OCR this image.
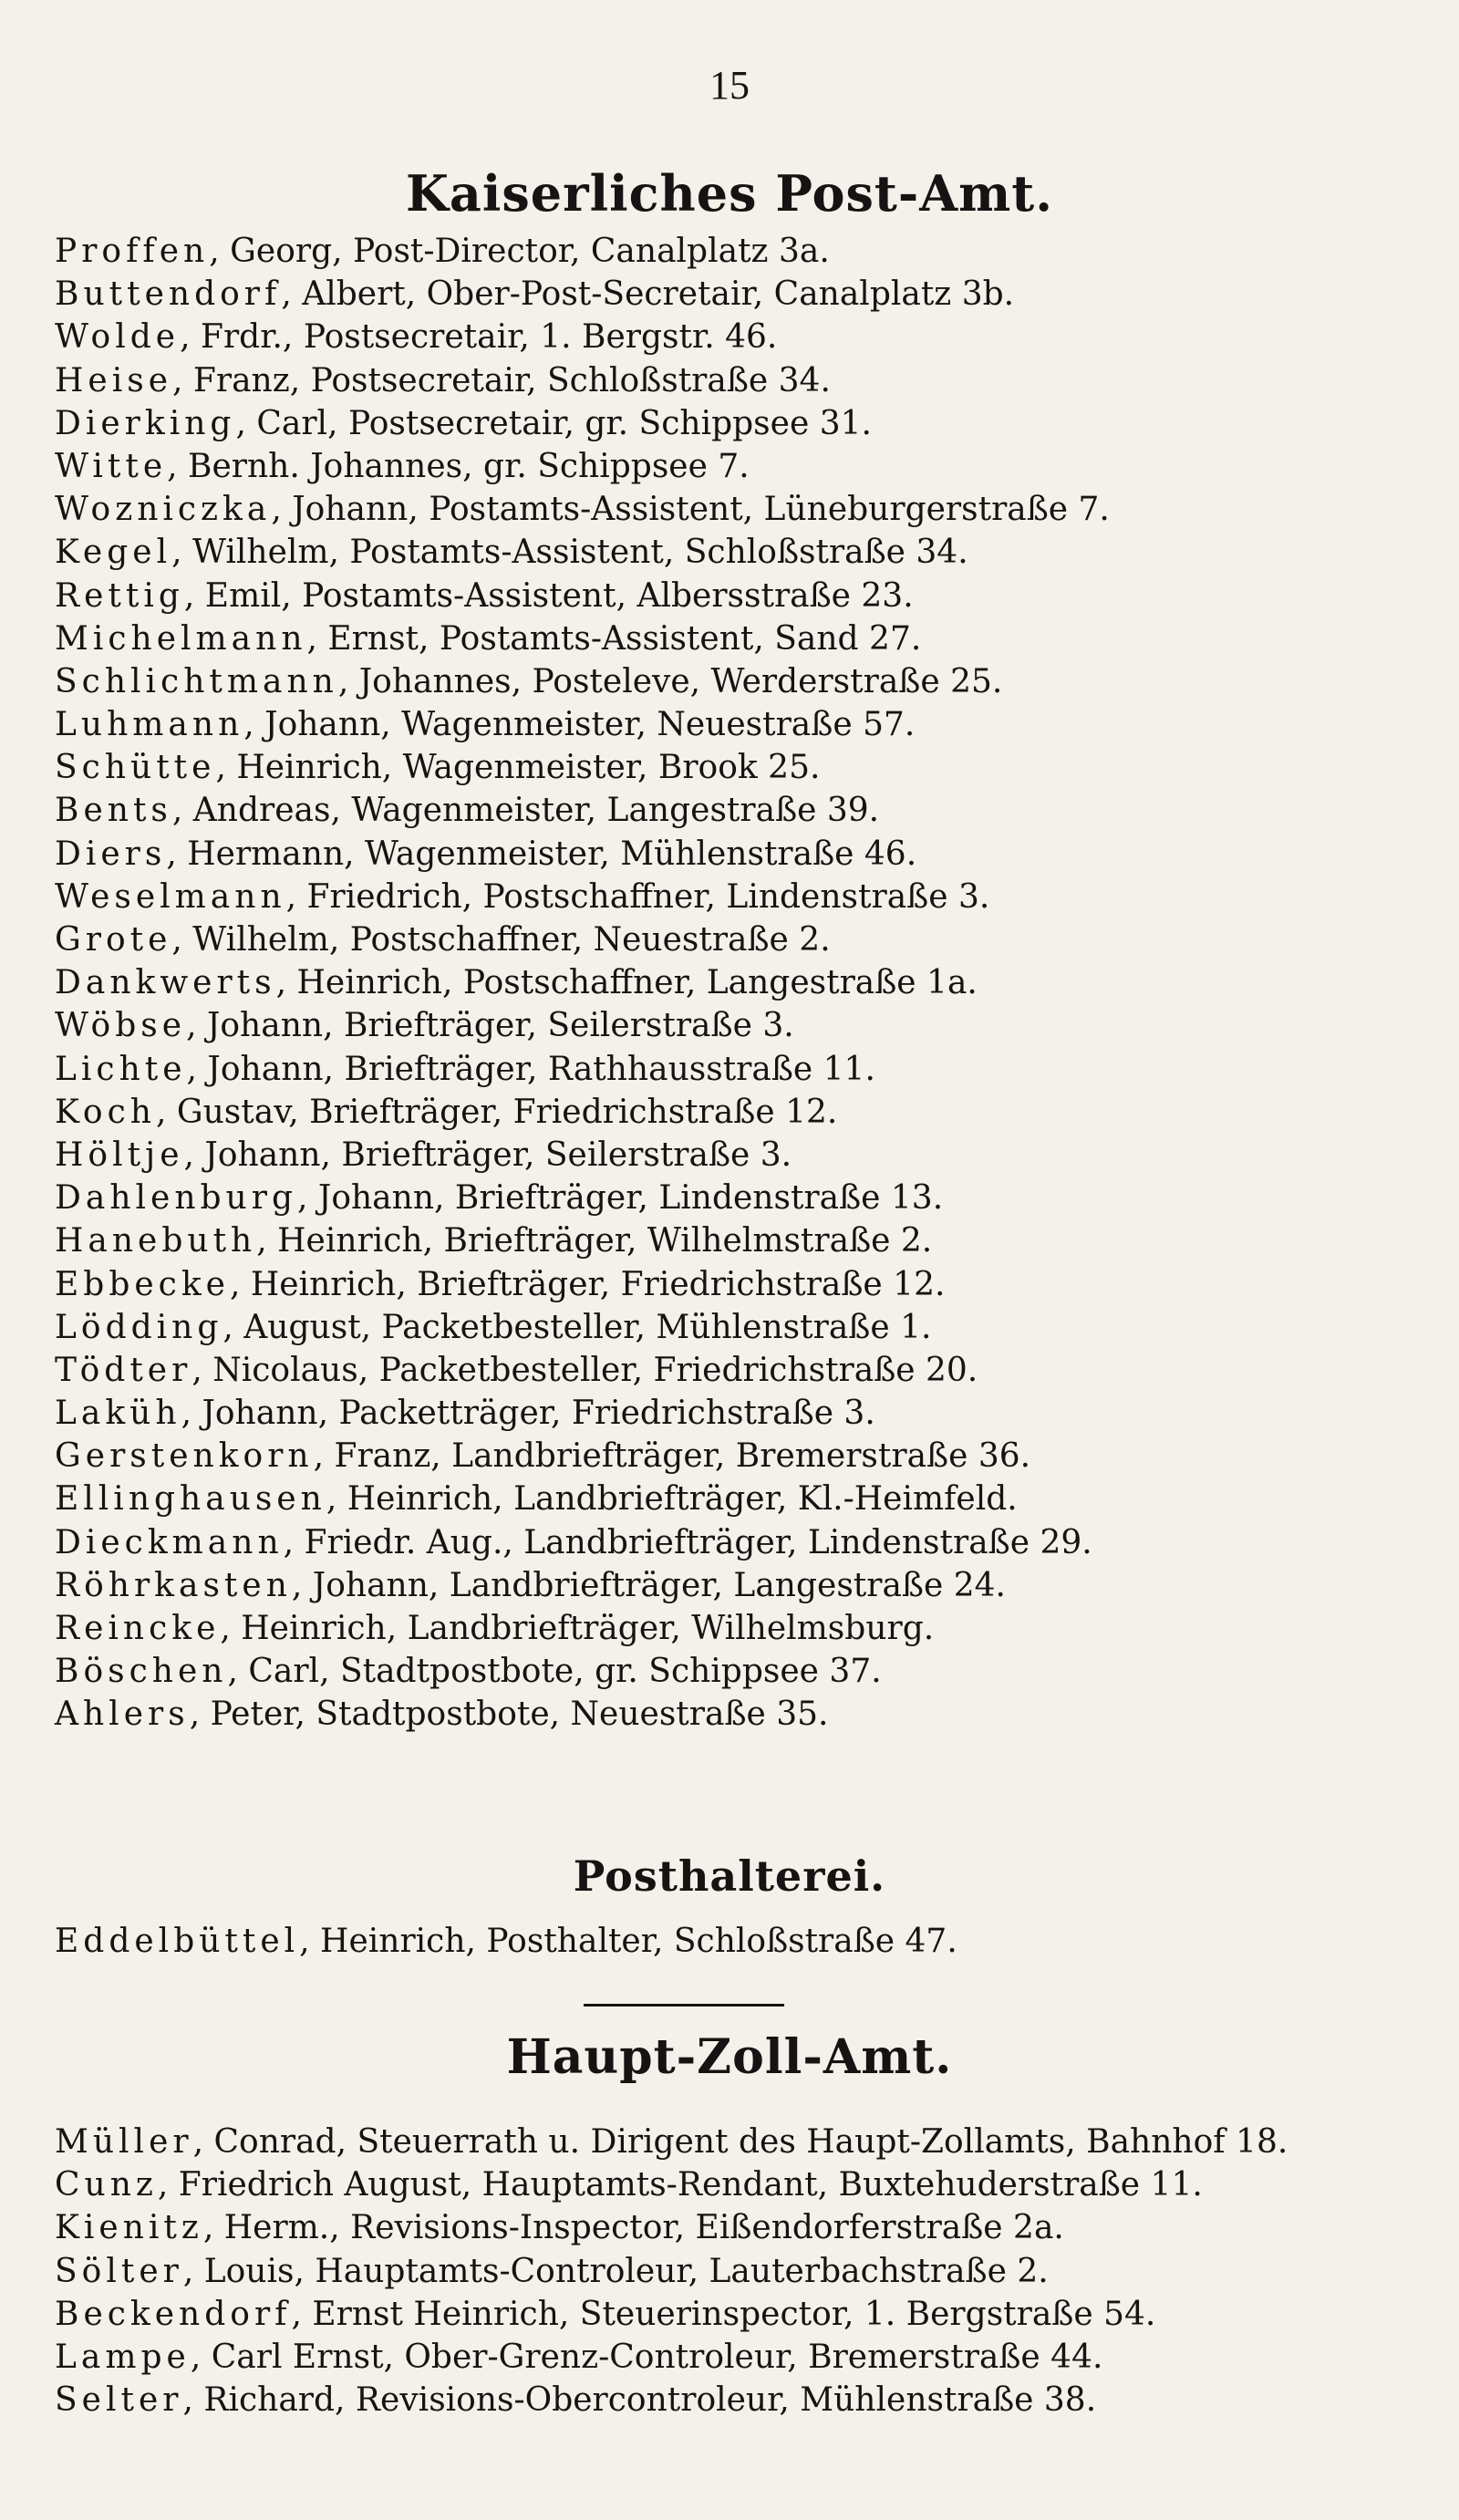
15
Kaiserliches Post-Amt.
Proffen, Georg, Post-Director, Canalplatz 3a.
Buttendorf, Albert, Ober-Post-Secretair, Canalplatz 3b.
Wolde, Frdr., Postsecretair, 1. Bergstr. 46.
Heise, Franz, Postsecretair, Schloßstraße 34.
Dierking, Carl, Postsecretair, gr. Schippsee 31.
Witte, Bernh. Johannes, gr. Schippsee 7.
Wozniczka, Johann, Postamts-Assistent, Lüneburgerstraße 7.
Kegel, Wilhelm, Postamts-Assistent, Schloßstraße 34.
Rettig, Emil, Postamts-Assistent, Albersstraße 23.
Michelmann, Ernst, Postamts-Assistent, Sand 27.
Schlichtmann, Johannes, Posteleve, Werderstraße 25.
Luhmann, Johann, Wagenmeister, Neuestraße 57.
Schütte, Heinrich, Wagenmeister, Brook 25.
Bents, Andreas, Wagenmeister, Langestraße 39.
Diers, Hermann, Wagenmeister, Mühlenstraße 46.
Weselmann, Friedrich, Postschaffner, Lindenstraße 3.
Grote, Wilhelm, Postschaffner, Neuestraße 2.
Dankwerts, Heinrich, Postschaffner, Langestraße 1a.
Wöbse, Johann, Briefträger, Seilerstraße 3.
Lichte, Johann, Briefträger, Rathhausstraße 11.
Koch, Gustav, Briefträger, Friedrichstraße 12.
Höltje, Johann, Briefträger, Seilerstraße 3.
Dahlenburg, Johann, Briefträger, Lindenstraße 13.
Hanebuth, Heinrich, Briefträger, Wilhelmstraße 2.
Ebbecke, Heinrich, Briefträger, Friedrichstraße 12.
Lödding, August, Packetbesteller, Mühlenstraße 1.
Tödter, Nicolaus, Packetbesteller, Friedrichstraße 20.
Laküh, Johann, Packetträger, Friedrichstraße 3.
Gerstenkorn, Franz, Landbriefträger, Bremerstraße 36.
Ellinghausen, Heinrich, Landbriefträger, Kl.-Heimfeld.
Dieckmann, Friedr. Aug., Landbriefträger, Lindenstraße 29.
Röhrkasten, Johann, Landbriefträger, Langestraße 24.
Reincke, Heinrich, Landbriefträger, Wilhelmsburg.
Böschen, Carl, Stadtpostbote, gr. Schippsee 37.
Ahlers, Peter, Stadtpostbote, Neuestraße 35.
Posthalterei.
Eddelbüttel, Heinrich, Posthalter, Schloßstraße 47.
Haupt-Zoll-Amt.
Müller, Conrad, Steuerrath u. Dirigent des Haupt-Zollamts, Bahnhof 18.
Cunz, Friedrich August, Hauptamts-Rendant, Buxtehuderstraße 11.
Kienitz, Herm., Revisions-Inspector, Eißendorferstraße 2a.
Sölter, Louis, Hauptamts-Controleur, Lauterbachstraße 2.
Beckendorf, Ernst Heinrich, Steuerinspector, 1. Bergstraße 54.
Lampe, Carl Ernst, Ober-Grenz-Controleur, Bremerstraße 44.
Selter, Richard, Revisions-Obercontroleur, Mühlenstraße 38.
